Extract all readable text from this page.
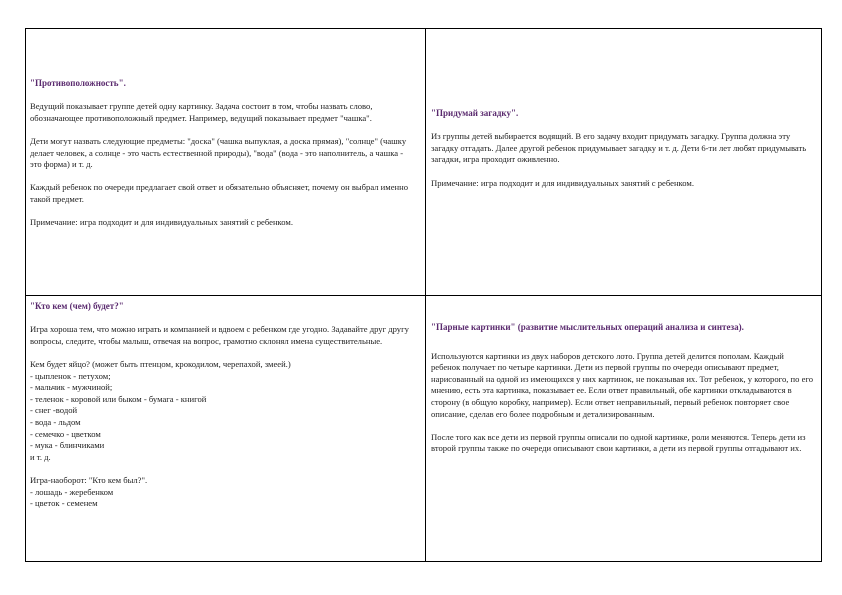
"Противоположность".

Ведущий показывает группе детей одну картинку. Задача состоит в том, чтобы назвать слово, обозначающее противоположный предмет. Например, ведущий показывает предмет "чашка".

Дети могут назвать следующие предметы: "доска" (чашка выпуклая, а доска прямая), "солнце" (чашку делает человек, а солнце - это часть естественной природы), "вода" (вода - это наполнитель, а чашка - это форма) и т. д.

Каждый ребенок по очереди предлагает свой ответ и обязательно объясняет, почему он выбрал именно такой предмет.

Примечание: игра подходит и для индивидуальных занятий с ребенком.

"Придумай загадку".

Из группы детей выбирается водящий. В его задачу входит придумать загадку. Группа должна эту загадку отгадать. Далее другой ребенок придумывает загадку и т. д. Дети 6-ти лет любят придумывать загадки, игра проходит оживленно.

Примечание: игра подходит и для индивидуальных занятий с ребенком.

"Кто кем (чем) будет?"

Игра хороша тем, что можно играть и компанией и вдвоем с ребенком где угодно. Задавайте друг другу вопросы, следите, чтобы малыш, отвечая на вопрос, грамотно склонял имена существительные.

Кем будет яйцо? (может быть птенцом, крокодилом, черепахой, змеей.)
- цыпленок - петухом;
- мальчик - мужчиной;
- теленок - коровой или быком - бумага - книгой
- снег -водой
- вода - льдом
- семечко - цветком
- мука - блинчиками
и т. д.
Игра-наоборот: "Кто кем был?".
- лошадь - жеребенком
- цветок - семенем
"Парные картинки" (развитие мыслительных операций анализа и синтеза).

Используются картинки из двух наборов детского лото. Группа детей делится пополам. Каждый ребенок получает по четыре картинки. Дети из первой группы по очереди описывают предмет, нарисованный на одной из имеющихся у них картинок, не показывая их. Тот ребенок, у которого, по его мнению, есть эта картинка, показывает ее. Если ответ правильный, обе картинки откладываются в сторону (в общую коробку, например). Если ответ неправильный, первый ребенок повторяет свое описание, сделав его более подробным и детализированным.

После того как все дети из первой группы описали по одной картинке, роли меняются. Теперь дети из второй группы также по очереди описывают свои картинки, а дети из первой группы отгадывают их.
